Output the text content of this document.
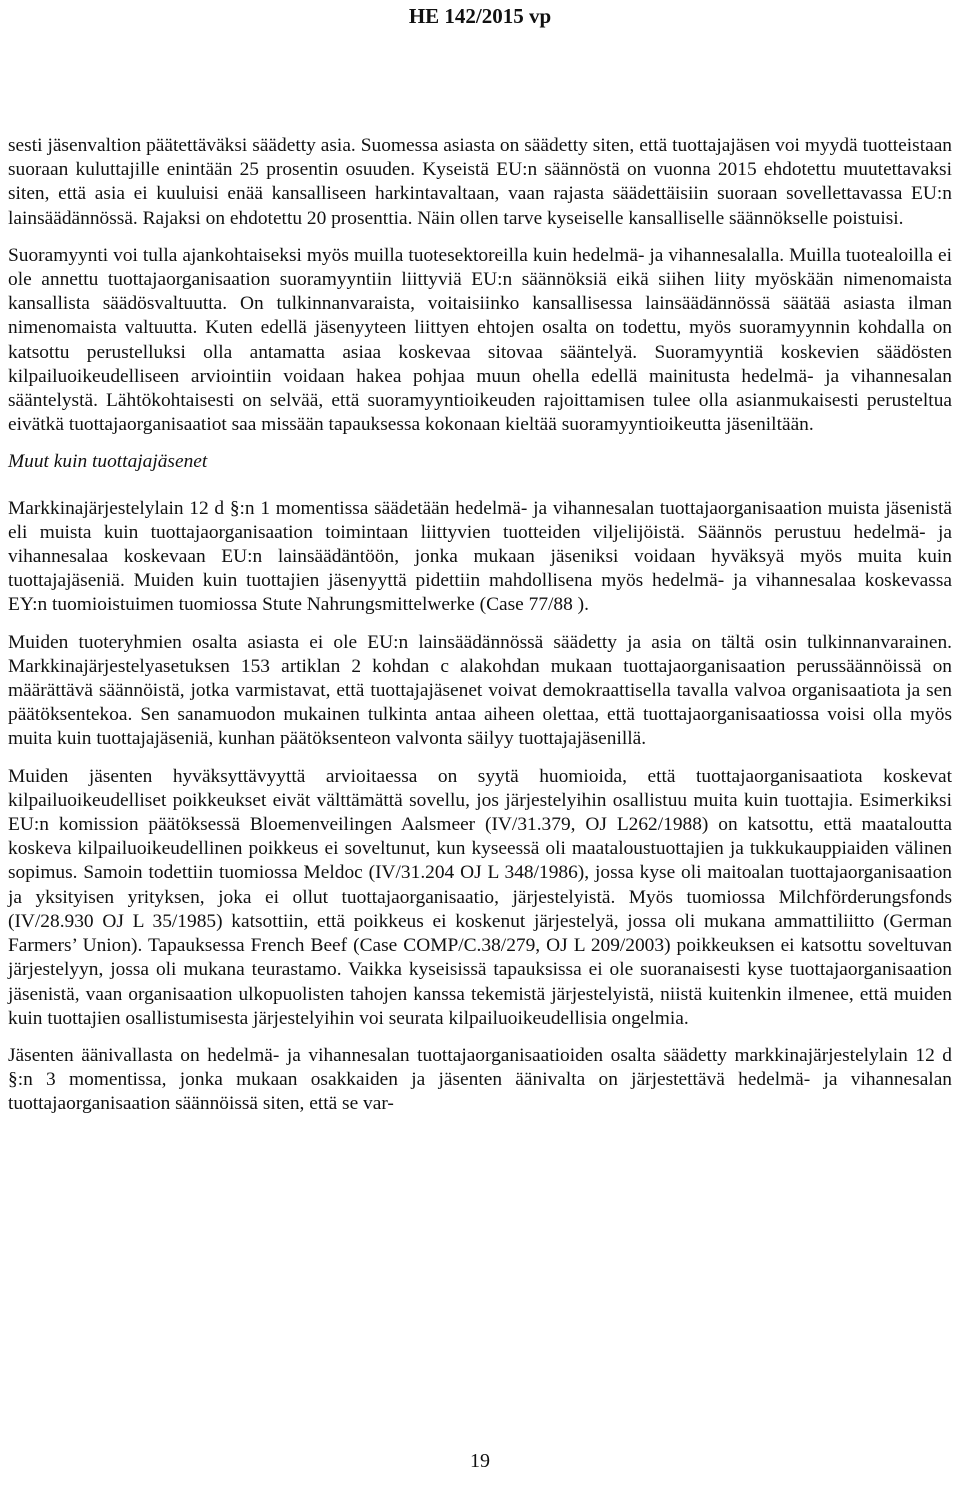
HE 142/2015 vp

sesti jäsenvaltion päätettäväksi säädetty asia. Suomessa asiasta on säädetty siten, että tuottajajäsen voi myydä tuotteistaan suoraan kuluttajille enintään 25 prosentin osuuden. Kyseistä EU:n säännöstä on vuonna 2015 ehdotettu muutettavaksi siten, että asia ei kuuluisi enää kansalliseen harkintavaltaan, vaan rajasta säädettäisiin suoraan sovellettavassa EU:n lainsäädännössä. Rajaksi on ehdotettu 20 prosenttia. Näin ollen tarve kyseiselle kansalliselle säännökselle poistuisi.

Suoramyynti voi tulla ajankohtaiseksi myös muilla tuotesektoreilla kuin hedelmä- ja vihannesalalla. Muilla tuotealoilla ei ole annettu tuottajaorganisaation suoramyyntiin liittyviä EU:n säännöksiä eikä siihen liity myöskään nimenomaista kansallista säädösvaltuutta. On tulkinnanvaraista, voitaisiinko kansallisessa lainsäädännössä säätää asiasta ilman nimenomaista valtuutta. Kuten edellä jäsenyyteen liittyen ehtojen osalta on todettu, myös suoramyynnin kohdalla on katsottu perustelluksi olla antamatta asiaa koskevaa sitovaa sääntelyä. Suoramyyntiä koskevien säädösten kilpailuoikeudelliseen arviointiin voidaan hakea pohjaa muun ohella edellä mainitusta hedelmä- ja vihannesalan sääntelystä. Lähtökohtaisesti on selvää, että suoramyyntioikeuden rajoittamisen tulee olla asianmukaisesti perusteltua eivätkä tuottajaorganisaatiot saa missään tapauksessa kokonaan kieltää suoramyyntioikeutta jäseniltään.

Muut kuin tuottajajäsenet

Markkinajärjestelylain 12 d §:n 1 momentissa säädetään hedelmä- ja vihannesalan tuottajaorganisaation muista jäsenistä eli muista kuin tuottajaorganisaation toimintaan liittyvien tuotteiden viljelijöistä. Säännös perustuu hedelmä- ja vihannesalaa koskevaan EU:n lainsäädäntöön, jonka mukaan jäseniksi voidaan hyväksyä myös muita kuin tuottajajäseniä. Muiden kuin tuottajien jäsenyyttä pidettiin mahdollisena myös hedelmä- ja vihannesalaa koskevassa EY:n tuomioistuimen tuomiossa Stute Nahrungsmittelwerke (Case 77/88 ).

Muiden tuoteryhmien osalta asiasta ei ole EU:n lainsäädännössä säädetty ja asia on tältä osin tulkinnanvarainen. Markkinajärjestelyasetuksen 153 artiklan 2 kohdan c alakohdan mukaan tuottajaorganisaation perussäännöissä on määrättävä säännöistä, jotka varmistavat, että tuottajajäsenet voivat demokraattisella tavalla valvoa organisaatiota ja sen päätöksentekoa. Sen sanamuodon mukainen tulkinta antaa aiheen olettaa, että tuottajaorganisaatiossa voisi olla myös muita kuin tuottajajäseniä, kunhan päätöksenteon valvonta säilyy tuottajajäsenillä.

Muiden jäsenten hyväksyttävyyttä arvioitaessa on syytä huomioida, että tuottajaorganisaatiota koskevat kilpailuoikeudelliset poikkeukset eivät välttämättä sovellu, jos järjestelyihin osallistuu muita kuin tuottajia. Esimerkiksi EU:n komission päätöksessä Bloemenveilingen Aalsmeer (IV/31.379, OJ L262/1988) on katsottu, että maataloutta koskeva kilpailuoikeudellinen poikkeus ei soveltunut, kun kyseessä oli maataloustuottajien ja tukkukauppiaiden välinen sopimus. Samoin todettiin tuomiossa Meldoc (IV/31.204 OJ L 348/1986), jossa kyse oli maitoalan tuottajaorganisaation ja yksityisen yrityksen, joka ei ollut tuottajaorganisaatio, järjestelyistä. Myös tuomiossa Milchförderungsfonds (IV/28.930 OJ L 35/1985) katsottiin, että poikkeus ei koskenut järjestelyä, jossa oli mukana ammattiliitto (German Farmers’ Union). Tapauksessa French Beef (Case COMP/C.38/279, OJ L 209/2003) poikkeuksen ei katsottu soveltuvan järjestelyyn, jossa oli mukana teurastamo. Vaikka kyseisissä tapauksissa ei ole suoranaisesti kyse tuottajaorganisaation jäsenistä, vaan organisaation ulkopuolisten tahojen kanssa tekemistä järjestelyistä, niistä kuitenkin ilmenee, että muiden kuin tuottajien osallistumisesta järjestelyihin voi seurata kilpailuoikeudellisia ongelmia.

Jäsenten äänivallasta on hedelmä- ja vihannesalan tuottajaorganisaatioiden osalta säädetty markkinajärjestelylain 12 d §:n 3 momentissa, jonka mukaan osakkaiden ja jäsenten äänivalta on järjestettävä hedelmä- ja vihannesalan tuottajaorganisaation säännöissä siten, että se var-

19
